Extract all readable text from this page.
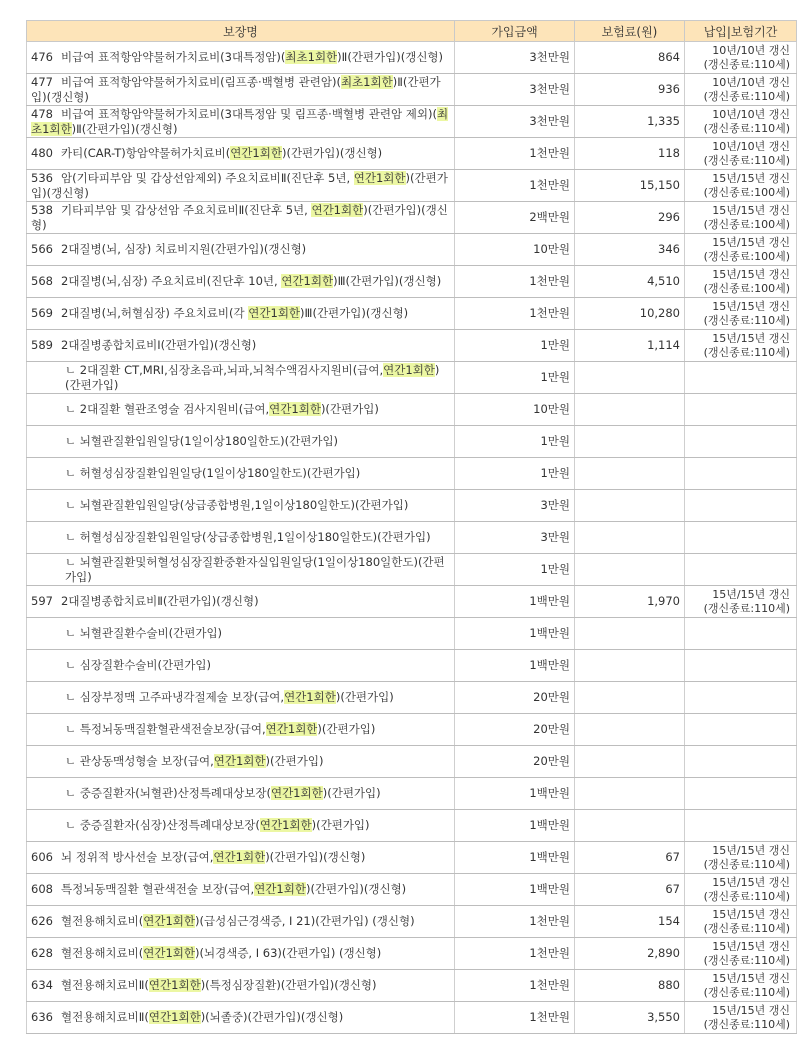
보장명	가입금액	보험료(원)	납입|보험기간

476 비급여 표적항암약물허가치료비(3대특정암)(최초1회한)Ⅱ(간편가입)(갱신형)	3천만원	864	10년/10년 갱신
(갱신종료:110세)

477 비급여 표적항암약물허가치료비(림프종·백혈병 관련암)(최초1회한)Ⅱ(간편가입)(갱신형)	3천만원	936	10년/10년 갱신
(갱신종료:110세)

478 비급여 표적항암약물허가치료비(3대특정암 및 림프종·백혈병 관련암 제외)(최초1회한)Ⅱ(간편가입)(갱신형)	3천만원	1,335	10년/10년 갱신
(갱신종료:110세)

480 카티(CAR-T)항암약물허가치료비(연간1회한)(간편가입)(갱신형)	1천만원	118	10년/10년 갱신
(갱신종료:110세)

536 암(기타피부암 및 갑상선암제외) 주요치료비Ⅱ(진단후 5년, 연간1회한)(간편가입)(갱신형)	1천만원	15,150	15년/15년 갱신
(갱신종료:100세)

538 기타피부암 및 갑상선암 주요치료비Ⅱ(진단후 5년, 연간1회한)(간편가입)(갱신형)	2백만원	296	15년/15년 갱신
(갱신종료:100세)

566 2대질병(뇌, 심장) 치료비지원(간편가입)(갱신형)	10만원	346	15년/15년 갱신
(갱신종료:100세)

568 2대질병(뇌,심장) 주요치료비(진단후 10년, 연간1회한)Ⅲ(간편가입)(갱신형)	1천만원	4,510	15년/15년 갱신
(갱신종료:100세)

569 2대질병(뇌,허혈심장) 주요치료비(각 연간1회한)Ⅲ(간편가입)(갱신형)	1천만원	10,280	15년/15년 갱신
(갱신종료:110세)

589 2대질병종합치료비Ⅰ(간편가입)(갱신형)	1만원	1,114	15년/15년 갱신
(갱신종료:110세)

ㄴ 2대질환 CT,MRI,심장초음파,뇌파,뇌척수액검사지원비(급여,연간1회한)(간편가입)	1만원		

ㄴ 2대질환 혈관조영술 검사지원비(급여,연간1회한)(간편가입)	10만원		

ㄴ 뇌혈관질환입원일당(1일이상180일한도)(간편가입)	1만원		

ㄴ 허혈성심장질환입원일당(1일이상180일한도)(간편가입)	1만원		

ㄴ 뇌혈관질환입원일당(상급종합병원,1일이상180일한도)(간편가입)	3만원		

ㄴ 허혈성심장질환입원일당(상급종합병원,1일이상180일한도)(간편가입)	3만원		

ㄴ 뇌혈관질환및허혈성심장질환중환자실입원일당(1일이상180일한도)(간편가입)	1만원		

597 2대질병종합치료비Ⅱ(간편가입)(갱신형)	1백만원	1,970	15년/15년 갱신
(갱신종료:110세)

ㄴ 뇌혈관질환수술비(간편가입)	1백만원		

ㄴ 심장질환수술비(간편가입)	1백만원		

ㄴ 심장부정맥 고주파냉각절제술 보장(급여,연간1회한)(간편가입)	20만원		

ㄴ 특정뇌동맥질환혈관색전술보장(급여,연간1회한)(간편가입)	20만원		

ㄴ 관상동맥성형술 보장(급여,연간1회한)(간편가입)	20만원		

ㄴ 중증질환자(뇌혈관)산정특례대상보장(연간1회한)(간편가입)	1백만원		

ㄴ 중증질환자(심장)산정특례대상보장(연간1회한)(간편가입)	1백만원		

606 뇌 정위적 방사선술 보장(급여,연간1회한)(간편가입)(갱신형)	1백만원	67	15년/15년 갱신
(갱신종료:110세)

608 특정뇌동맥질환 혈관색전술 보장(급여,연간1회한)(간편가입)(갱신형)	1백만원	67	15년/15년 갱신
(갱신종료:110세)

626 혈전용해치료비(연간1회한)(급성심근경색증, I 21)(간편가입) (갱신형)	1천만원	154	15년/15년 갱신
(갱신종료:110세)

628 혈전용해치료비(연간1회한)(뇌경색증, I 63)(간편가입) (갱신형)	1천만원	2,890	15년/15년 갱신
(갱신종료:110세)

634 혈전용해치료비Ⅱ(연간1회한)(특정심장질환)(간편가입)(갱신형)	1천만원	880	15년/15년 갱신
(갱신종료:110세)

636 혈전용해치료비Ⅱ(연간1회한)(뇌졸중)(간편가입)(갱신형)	1천만원	3,550	15년/15년 갱신
(갱신종료:110세)
